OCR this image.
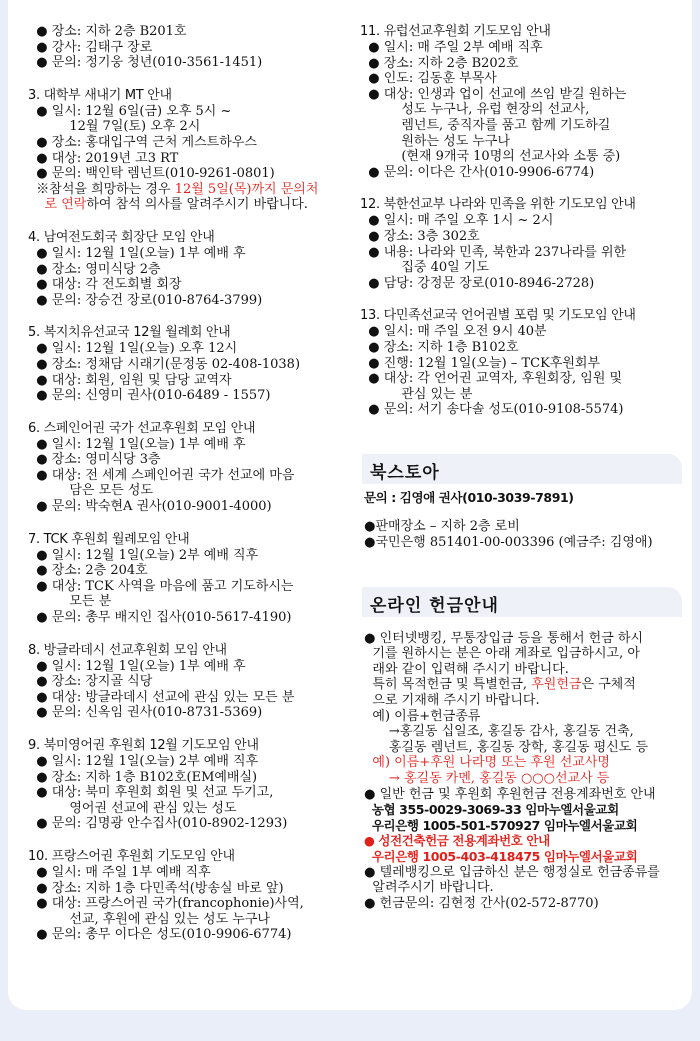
● 장소: 지하 2층 B201호

● 강사: 김태구 장로

● 문의: 정기웅 청년(010-3561-1451)

3. 대학부 새내기 MT 안내

● 일시: 12월 6일(금) 오후 5시 ~

12월 7일(토) 오후 2시

● 장소: 홍대입구역 근처 게스트하우스

● 대상: 2019년 고3 RT

● 문의: 백인탁 렘넌트(010-9261-0801)

※참석을 희망하는 경우 12월 5일(목)까지 문의처

로 연락하여 참석 의사를 알려주시기 바랍니다.

4. 남여전도회국 회장단 모임 안내

● 일시: 12월 1일(오늘) 1부 예배 후

● 장소: 영미식당 2층

● 대상: 각 전도회별 회장

● 문의: 장승건 장로(010-8764-3799)

5. 복지치유선교국 12월 월례회 안내

● 일시: 12월 1일(오늘) 오후 12시

● 장소: 정채담 시래기(문정동 02-408-1038)

● 대상: 회원, 임원 및 담당 교역자

● 문의: 신영미 권사(010-6489 - 1557)

6. 스페인어권 국가 선교후원회 모임 안내

● 일시: 12월 1일(오늘) 1부 예배 후

● 장소: 영미식당 3층

● 대상: 전 세계 스페인어권 국가 선교에 마음

담은 모든 성도

● 문의: 박숙현A 권사(010-9001-4000)

7. TCK 후원회 월례모임 안내

● 일시: 12월 1일(오늘) 2부 예배 직후

● 장소: 2층 204호

● 대상: TCK 사역을 마음에 품고 기도하시는

모든 분

● 문의: 총무 배지인 집사(010-5617-4190)

8. 방글라데시 선교후원회 모임 안내

● 일시: 12월 1일(오늘) 1부 예배 후

● 장소: 장지골 식당

● 대상: 방글라데시 선교에 관심 있는 모든 분

● 문의: 신옥임 권사(010-8731-5369)

9. 북미영어권 후원회 12월 기도모임 안내

● 일시: 12월 1일(오늘) 2부 예배 직후

● 장소: 지하 1층 B102호(EM예배실)

● 대상: 북미 후원회 회원 및 선교 두기고,

영어권 선교에 관심 있는 성도

● 문의: 김명광 안수집사(010-8902-1293)

10. 프랑스어권 후원회 기도모임 안내

● 일시: 매 주일 1부 예배 직후

● 장소: 지하 1층 다민족석(방송실 바로 앞)

● 대상: 프랑스어권 국가(francophonie)사역,

선교, 후원에 관심 있는 성도 누구나

● 문의: 총무 이다은 성도(010-9906-6774)

11. 유럽선교후원회 기도모임 안내

● 일시: 매 주일 2부 예배 직후

● 장소: 지하 2층 B202호

● 인도: 김동훈 부목사

● 대상: 인생과 업이 선교에 쓰임 받길 원하는

성도 누구나, 유럽 현장의 선교사,

렘넌트, 중직자를 품고 함께 기도하길

원하는 성도 누구나

(현재 9개국 10명의 선교사와 소통 중)

● 문의: 이다은 간사(010-9906-6774)

12. 북한선교부 나라와 민족을 위한 기도모임 안내

● 일시: 매 주일 오후 1시 ~ 2시

● 장소: 3층 302호

● 내용: 나라와 민족, 북한과 237나라를 위한

집중 40일 기도

● 담당: 강정문 장로(010-8946-2728)

13. 다민족선교국 언어권별 포럼 및 기도모임 안내

● 일시: 매 주일 오전 9시 40분

● 장소: 지하 1층 B102호

● 진행: 12월 1일(오늘) – TCK후원회부

● 대상: 각 언어권 교역자, 후원회장, 임원 및

관심 있는 분

● 문의: 서기 송다솔 성도(010-9108-5574)

북스토아

문의 : 김영애 권사(010-3039-7891)

●판매장소 – 지하 2층 로비

●국민은행 851401-00-003396 (예금주: 김영애)

온라인 헌금안내

● 인터넷뱅킹, 무통장입금 등을 통해서 헌금 하시

기를 원하시는 분은 아래 계좌로 입금하시고, 아

래와 같이 입력해 주시기 바랍니다.

특히 목적헌금 및 특별헌금, 후원헌금은 구체적

으로 기재해 주시기 바랍니다.

예) 이름+헌금종류

→홍길동 십일조, 홍길동 감사, 홍길동 건축,

홍길동 렘넌트, 홍길동 장학, 홍길동 평신도 등

예) 이름+후원 나라명 또는 후원 선교사명

→ 홍길동 카멘, 홍길동 ○○○선교사 등

● 일반 헌금 및 후원회 후원헌금 전용계좌번호 안내

농협 355-0029-3069-33 임마누엘서울교회

우리은행 1005-501-570927 임마누엘서울교회

● 성전건축헌금 전용계좌번호 안내

우리은행 1005-403-418475 임마누엘서울교회

● 텔레뱅킹으로 입금하신 분은 행정실로 헌금종류를

알려주시기 바랍니다.

● 헌금문의: 김현정 간사(02-572-8770)
